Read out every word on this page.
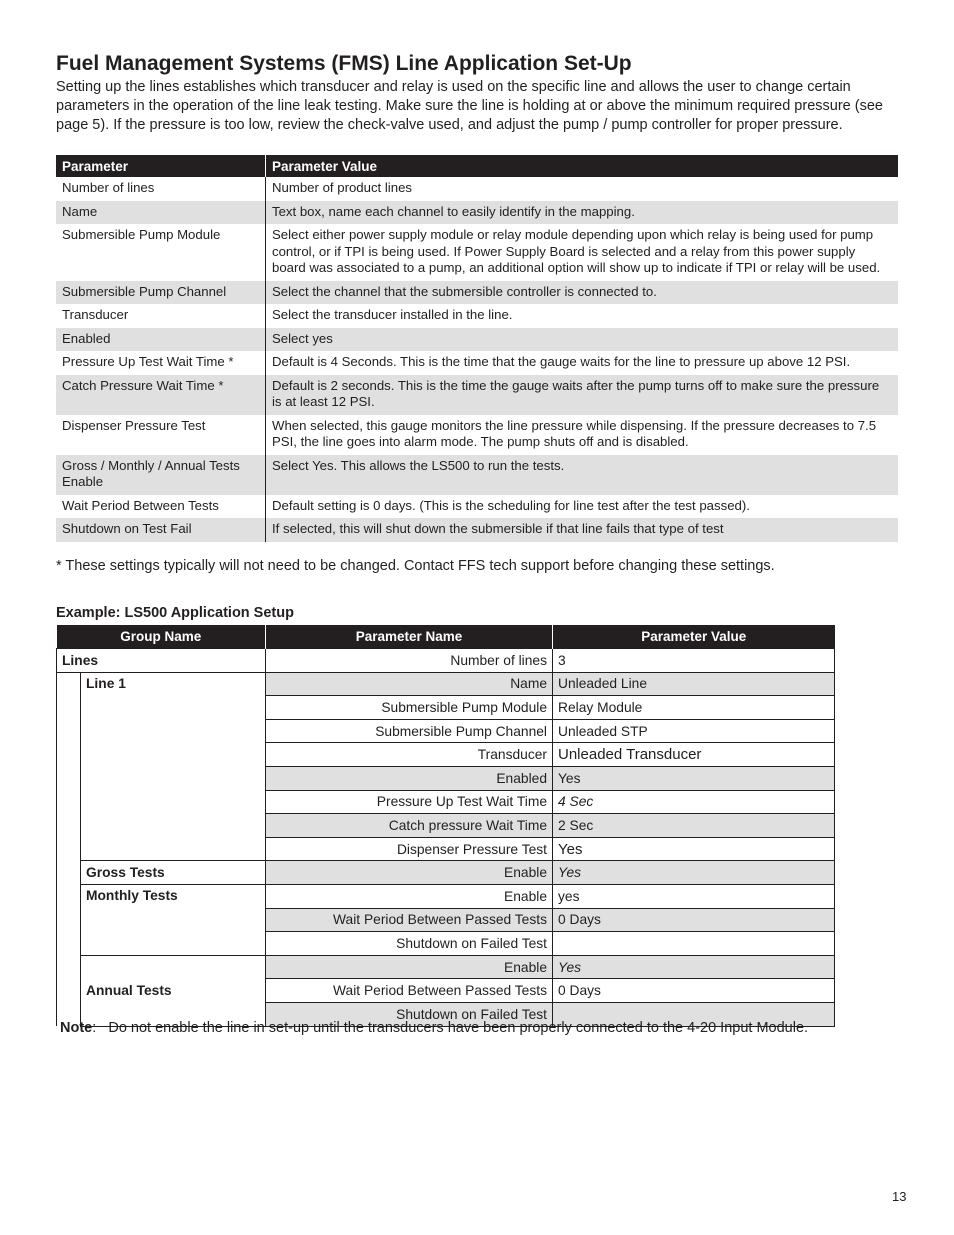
Fuel Management Systems (FMS) Line Application Set-Up

Setting up the lines establishes which transducer and relay is used on the specific line and allows the user to change certain parameters in the operation of the line leak testing. Make sure the line is holding at or above the minimum required pressure (see page 5). If the pressure is too low, review the check-valve used, and adjust the pump / pump controller for proper pressure.

Parameter	Parameter Value
Number of lines	Number of product lines
Name	Text box, name each channel to easily identify in the mapping.
Submersible Pump Module	Select either power supply module or relay module depending upon which relay is being used for pump control, or if TPI is being used. If Power Supply Board is selected and a relay from this power supply board was associated to a pump, an additional option will show up to indicate if TPI or relay will be used.
Submersible Pump Channel	Select the channel that the submersible controller is connected to.
Transducer	Select the transducer installed in the line.
Enabled	Select yes
Pressure Up Test Wait Time *	Default is 4 Seconds. This is the time that the gauge waits for the line to pressure up above 12 PSI.
Catch Pressure Wait Time *	Default is 2 seconds. This is the time the gauge waits after the pump turns off to make sure the pressure is at least 12 PSI.
Dispenser Pressure Test	When selected, this gauge monitors the line pressure while dispensing. If the pressure decreases to 7.5 PSI, the line goes into alarm mode. The pump shuts off and is disabled.
Gross / Monthly / Annual Tests Enable	Select Yes. This allows the LS500 to run the tests.
Wait Period Between Tests	Default setting is 0 days. (This is the scheduling for line test after the test passed).
Shutdown on Test Fail	If selected, this will shut down the submersible if that line fails that type of test

* These settings typically will not need to be changed. Contact FFS tech support before changing these settings.

Example: LS500 Application Setup

Group Name		Parameter Name	Parameter Value
Lines		Number of lines	3
	Line 1	Name	Unleaded Line
		Submersible Pump Module	Relay Module
		Submersible Pump Channel	Unleaded STP
		Transducer	Unleaded Transducer
		Enabled	Yes
		Pressure Up Test Wait Time	4 Sec
		Catch pressure Wait Time	2 Sec
		Dispenser Pressure Test	Yes
	Gross Tests	Enable	Yes
	Monthly Tests	Enable	yes
		Wait Period Between Passed Tests	0 Days
		Shutdown on Failed Test	
	Annual Tests	Enable	Yes
		Wait Period Between Passed Tests	0 Days
		Shutdown on Failed Test	

Note:   Do not enable the line in set-up until the transducers have been properly connected to the 4-20 Input Module.

13
